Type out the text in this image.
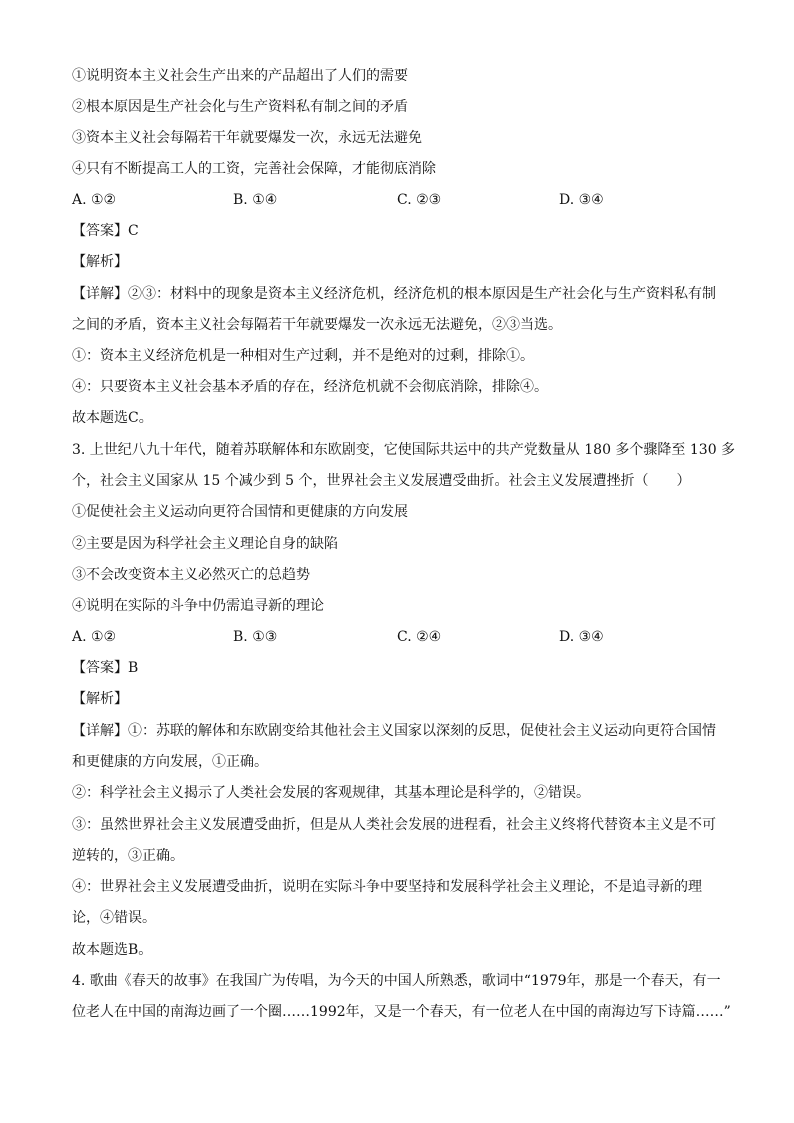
①说明资本主义社会生产出来的产品超出了人们的需要
②根本原因是生产社会化与生产资料私有制之间的矛盾
③资本主义社会每隔若干年就要爆发一次，永远无法避免
④只有不断提高工人的工资，完善社会保障，才能彻底消除
A. ①②	B. ①④	C. ②③	D. ③④
【答案】C
【解析】
【详解】②③：材料中的现象是资本主义经济危机，经济危机的根本原因是生产社会化与生产资料私有制
之间的矛盾，资本主义社会每隔若干年就要爆发一次永远无法避免，②③当选。
①：资本主义经济危机是一种相对生产过剩，并不是绝对的过剩，排除①。
④：只要资本主义社会基本矛盾的存在，经济危机就不会彻底消除，排除④。
故本题选C。
3. 上世纪八九十年代，随着苏联解体和东欧剧变，它使国际共运中的共产党数量从 180 多个骤降至 130 多
个，社会主义国家从 15 个减少到 5 个，世界社会主义发展遭受曲折。社会主义发展遭挫折（　　）
①促使社会主义运动向更符合国情和更健康的方向发展
②主要是因为科学社会主义理论自身的缺陷
③不会改变资本主义必然灭亡的总趋势
④说明在实际的斗争中仍需追寻新的理论
A. ①②	B. ①③	C. ②④	D. ③④
【答案】B
【解析】
【详解】①：苏联的解体和东欧剧变给其他社会主义国家以深刻的反思，促使社会主义运动向更符合国情
和更健康的方向发展，①正确。
②：科学社会主义揭示了人类社会发展的客观规律，其基本理论是科学的，②错误。
③：虽然世界社会主义发展遭受曲折，但是从人类社会发展的进程看，社会主义终将代替资本主义是不可
逆转的，③正确。
④：世界社会主义发展遭受曲折，说明在实际斗争中要坚持和发展科学社会主义理论，不是追寻新的理
论，④错误。
故本题选B。
4. 歌曲《春天的故事》在我国广为传唱，为今天的中国人所熟悉，歌词中“1979年，那是一个春天，有一
位老人在中国的南海边画了一个圈……1992年，又是一个春天，有一位老人在中国的南海边写下诗篇……”
